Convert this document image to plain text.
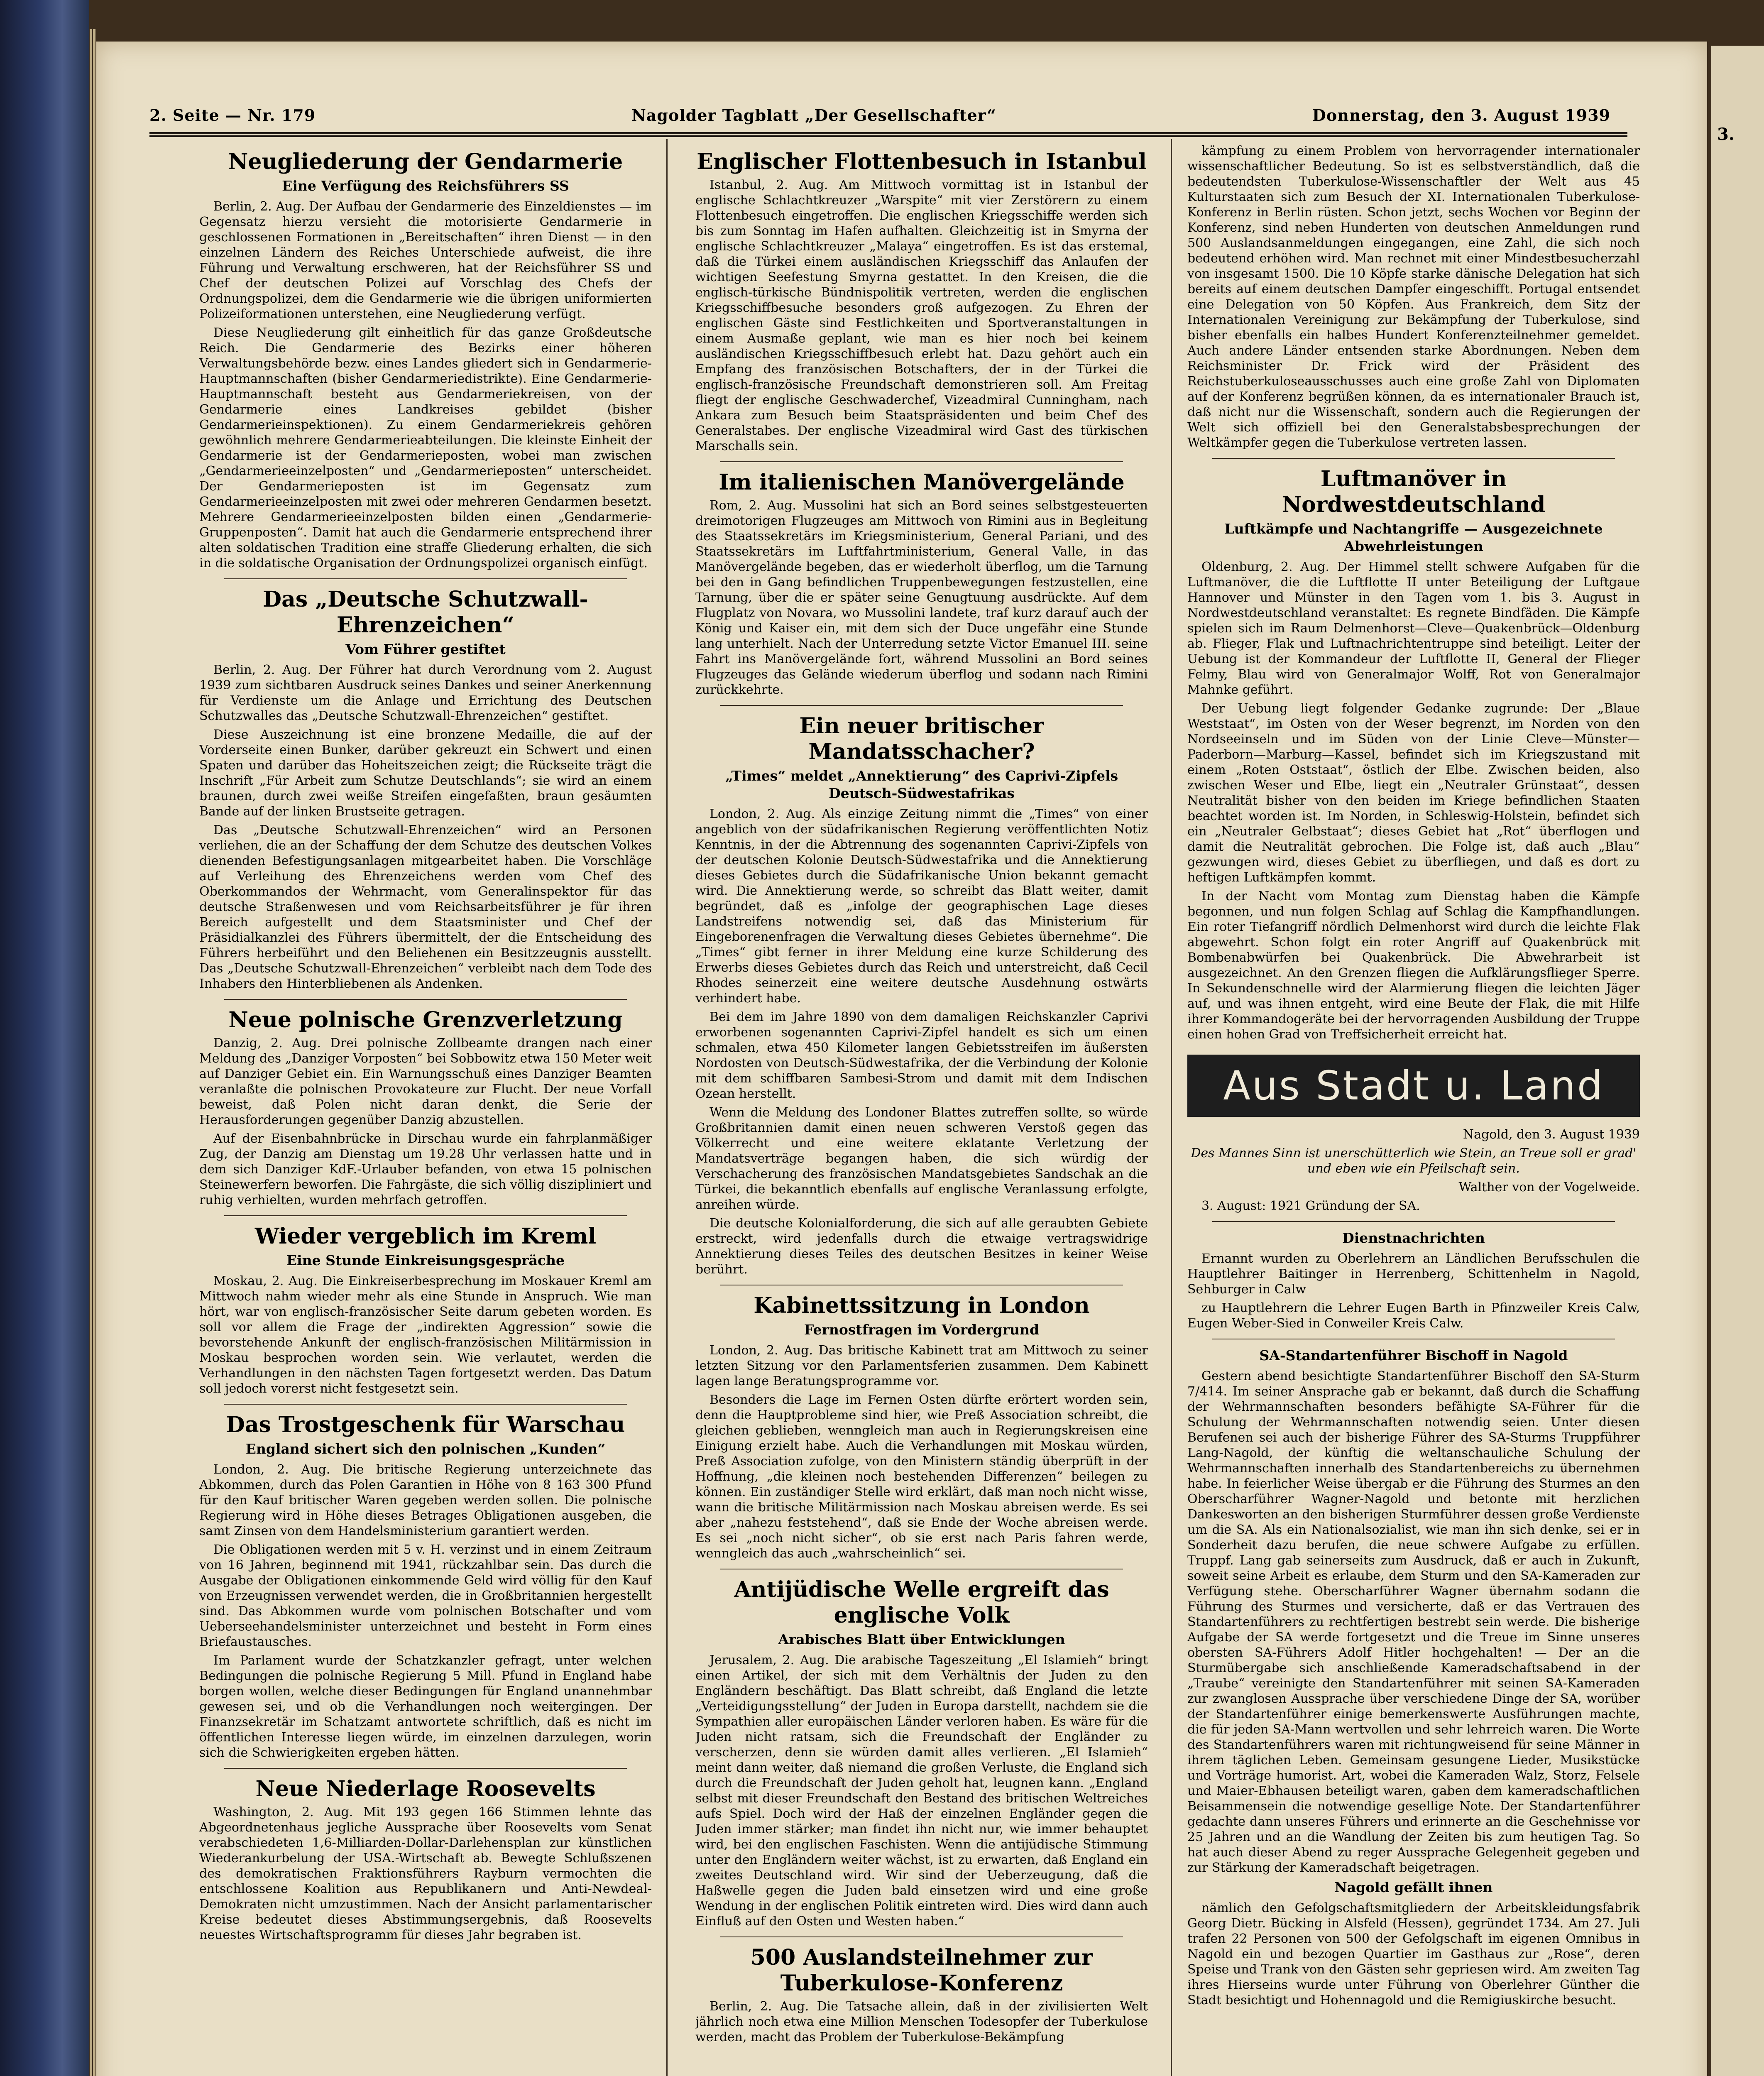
3.
2. Seite — Nr. 179	Nagolder Tagblatt „Der Gesellschafter“	Donnerstag, den 3. August 1939
Neugliederung der Gendarmerie
Eine Verfügung des Reichsführers SS

Berlin, 2. Aug. Der Aufbau der Gendarmerie des Einzeldienstes — im Gegensatz hierzu versieht die motorisierte Gendarmerie in geschlossenen Formationen in „Bereitschaften“ ihren Dienst — in den einzelnen Ländern des Reiches Unterschiede aufweist, die ihre Führung und Verwaltung erschweren, hat der Reichsführer SS und Chef der deutschen Polizei auf Vorschlag des Chefs der Ordnungspolizei, dem die Gendarmerie wie die übrigen uniformierten Polizeiformationen unterstehen, eine Neugliederung verfügt.

Diese Neugliederung gilt einheitlich für das ganze Großdeutsche Reich. Die Gendarmerie des Bezirks einer höheren Verwaltungsbehörde bezw. eines Landes gliedert sich in Gendarmerie-Hauptmannschaften (bisher Gendarmeriedistrikte). Eine Gendarmerie-Hauptmannschaft besteht aus Gendarmeriekreisen, von der Gendarmerie eines Landkreises gebildet (bisher Gendarmerieinspektionen). Zu einem Gendarmeriekreis gehören gewöhnlich mehrere Gendarmerieabteilungen. Die kleinste Einheit der Gendarmerie ist der Gendarmerieposten, wobei man zwischen „Gendarmerieeinzelposten“ und „Gendarmerieposten“ unterscheidet. Der Gendarmerieposten ist im Gegensatz zum Gendarmerieeinzelposten mit zwei oder mehreren Gendarmen besetzt. Mehrere Gendarmerieeinzelposten bilden einen „Gendarmerie-Gruppenposten“. Damit hat auch die Gendarmerie entsprechend ihrer alten soldatischen Tradition eine straffe Gliederung erhalten, die sich in die soldatische Organisation der Ordnungspolizei organisch einfügt.

Das „Deutsche Schutzwall-Ehrenzeichen“
Vom Führer gestiftet

Berlin, 2. Aug. Der Führer hat durch Verordnung vom 2. August 1939 zum sichtbaren Ausdruck seines Dankes und seiner Anerkennung für Verdienste um die Anlage und Errichtung des Deutschen Schutzwalles das „Deutsche Schutzwall-Ehrenzeichen“ gestiftet.

Diese Auszeichnung ist eine bronzene Medaille, die auf der Vorderseite einen Bunker, darüber gekreuzt ein Schwert und einen Spaten und darüber das Hoheitszeichen zeigt; die Rückseite trägt die Inschrift „Für Arbeit zum Schutze Deutschlands“; sie wird an einem braunen, durch zwei weiße Streifen eingefaßten, braun gesäumten Bande auf der linken Brustseite getragen.

Das „Deutsche Schutzwall-Ehrenzeichen“ wird an Personen verliehen, die an der Schaffung der dem Schutze des deutschen Volkes dienenden Befestigungsanlagen mitgearbeitet haben. Die Vorschläge auf Verleihung des Ehrenzeichens werden vom Chef des Oberkommandos der Wehrmacht, vom Generalinspektor für das deutsche Straßenwesen und vom Reichsarbeitsführer je für ihren Bereich aufgestellt und dem Staatsminister und Chef der Präsidialkanzlei des Führers übermittelt, der die Entscheidung des Führers herbeiführt und den Beliehenen ein Besitzzeugnis ausstellt. Das „Deutsche Schutzwall-Ehrenzeichen“ verbleibt nach dem Tode des Inhabers den Hinterbliebenen als Andenken.

Neue polnische Grenzverletzung

Danzig, 2. Aug. Drei polnische Zollbeamte drangen nach einer Meldung des „Danziger Vorposten“ bei Sobbowitz etwa 150 Meter weit auf Danziger Gebiet ein. Ein Warnungsschuß eines Danziger Beamten veranlaßte die polnischen Provokateure zur Flucht. Der neue Vorfall beweist, daß Polen nicht daran denkt, die Serie der Herausforderungen gegenüber Danzig abzustellen.

Auf der Eisenbahnbrücke in Dirschau wurde ein fahrplanmäßiger Zug, der Danzig am Dienstag um 19.28 Uhr verlassen hatte und in dem sich Danziger KdF.-Urlauber befanden, von etwa 15 polnischen Steinewerfern beworfen. Die Fahrgäste, die sich völlig diszipliniert und ruhig verhielten, wurden mehrfach getroffen.

Wieder vergeblich im Kreml
Eine Stunde Einkreisungsgespräche

Moskau, 2. Aug. Die Einkreiserbesprechung im Moskauer Kreml am Mittwoch nahm wieder mehr als eine Stunde in Anspruch. Wie man hört, war von englisch-französischer Seite darum gebeten worden. Es soll vor allem die Frage der „indirekten Aggression“ sowie die bevorstehende Ankunft der englisch-französischen Militärmission in Moskau besprochen worden sein. Wie verlautet, werden die Verhandlungen in den nächsten Tagen fortgesetzt werden. Das Datum soll jedoch vorerst nicht festgesetzt sein.

Das Trostgeschenk für Warschau
England sichert sich den polnischen „Kunden“

London, 2. Aug. Die britische Regierung unterzeichnete das Abkommen, durch das Polen Garantien in Höhe von 8 163 300 Pfund für den Kauf britischer Waren gegeben werden sollen. Die polnische Regierung wird in Höhe dieses Betrages Obligationen ausgeben, die samt Zinsen von dem Handelsministerium garantiert werden.

Die Obligationen werden mit 5 v. H. verzinst und in einem Zeitraum von 16 Jahren, beginnend mit 1941, rückzahlbar sein. Das durch die Ausgabe der Obligationen einkommende Geld wird völlig für den Kauf von Erzeugnissen verwendet werden, die in Großbritannien hergestellt sind. Das Abkommen wurde vom polnischen Botschafter und vom Ueberseehandelsminister unterzeichnet und besteht in Form eines Briefaustausches.

Im Parlament wurde der Schatzkanzler gefragt, unter welchen Bedingungen die polnische Regierung 5 Mill. Pfund in England habe borgen wollen, welche dieser Bedingungen für England unannehmbar gewesen sei, und ob die Verhandlungen noch weitergingen. Der Finanzsekretär im Schatzamt antwortete schriftlich, daß es nicht im öffentlichen Interesse liegen würde, im einzelnen darzulegen, worin sich die Schwierigkeiten ergeben hätten.

Neue Niederlage Roosevelts

Washington, 2. Aug. Mit 193 gegen 166 Stimmen lehnte das Abgeordnetenhaus jegliche Aussprache über Roosevelts vom Senat verabschiedeten 1,6-Milliarden-Dollar-Darlehensplan zur künstlichen Wiederankurbelung der USA.-Wirtschaft ab. Bewegte Schlußszenen des demokratischen Fraktionsführers Rayburn vermochten die entschlossene Koalition aus Republikanern und Anti-Newdeal-Demokraten nicht umzustimmen. Nach der Ansicht parlamentarischer Kreise bedeutet dieses Abstimmungsergebnis, daß Roosevelts neuestes Wirtschaftsprogramm für dieses Jahr begraben ist.

Englischer Flottenbesuch in Istanbul

Istanbul, 2. Aug. Am Mittwoch vormittag ist in Istanbul der englische Schlachtkreuzer „Warspite“ mit vier Zerstörern zu einem Flottenbesuch eingetroffen. Die englischen Kriegsschiffe werden sich bis zum Sonntag im Hafen aufhalten. Gleichzeitig ist in Smyrna der englische Schlachtkreuzer „Malaya“ eingetroffen. Es ist das erstemal, daß die Türkei einem ausländischen Kriegsschiff das Anlaufen der wichtigen Seefestung Smyrna gestattet. In den Kreisen, die die englisch-türkische Bündnispolitik vertreten, werden die englischen Kriegsschiffbesuche besonders groß aufgezogen. Zu Ehren der englischen Gäste sind Festlichkeiten und Sportveranstaltungen in einem Ausmaße geplant, wie man es hier noch bei keinem ausländischen Kriegsschiffbesuch erlebt hat. Dazu gehört auch ein Empfang des französischen Botschafters, der in der Türkei die englisch-französische Freundschaft demonstrieren soll. Am Freitag fliegt der englische Geschwaderchef, Vizeadmiral Cunningham, nach Ankara zum Besuch beim Staatspräsidenten und beim Chef des Generalstabes. Der englische Vizeadmiral wird Gast des türkischen Marschalls sein.

Im italienischen Manövergelände

Rom, 2. Aug. Mussolini hat sich an Bord seines selbstgesteuerten dreimotorigen Flugzeuges am Mittwoch von Rimini aus in Begleitung des Staatssekretärs im Kriegsministerium, General Pariani, und des Staatssekretärs im Luftfahrtministerium, General Valle, in das Manövergelände begeben, das er wiederholt überflog, um die Tarnung bei den in Gang befindlichen Truppenbewegungen festzustellen, eine Tarnung, über die er später seine Genugtuung ausdrückte. Auf dem Flugplatz von Novara, wo Mussolini landete, traf kurz darauf auch der König und Kaiser ein, mit dem sich der Duce ungefähr eine Stunde lang unterhielt. Nach der Unterredung setzte Victor Emanuel III. seine Fahrt ins Manövergelände fort, während Mussolini an Bord seines Flugzeuges das Gelände wiederum überflog und sodann nach Rimini zurückkehrte.

Ein neuer britischer Mandatsschacher?
„Times“ meldet „Annektierung“ des Caprivi-Zipfels Deutsch-Südwestafrikas

London, 2. Aug. Als einzige Zeitung nimmt die „Times“ von einer angeblich von der südafrikanischen Regierung veröffentlichten Notiz Kenntnis, in der die Abtrennung des sogenannten Caprivi-Zipfels von der deutschen Kolonie Deutsch-Südwestafrika und die Annektierung dieses Gebietes durch die Südafrikanische Union bekannt gemacht wird. Die Annektierung werde, so schreibt das Blatt weiter, damit begründet, daß es „infolge der geographischen Lage dieses Landstreifens notwendig sei, daß das Ministerium für Eingeborenenfragen die Verwaltung dieses Gebietes übernehme“. Die „Times“ gibt ferner in ihrer Meldung eine kurze Schilderung des Erwerbs dieses Gebietes durch das Reich und unterstreicht, daß Cecil Rhodes seinerzeit eine weitere deutsche Ausdehnung ostwärts verhindert habe.

Bei dem im Jahre 1890 von dem damaligen Reichskanzler Caprivi erworbenen sogenannten Caprivi-Zipfel handelt es sich um einen schmalen, etwa 450 Kilometer langen Gebietsstreifen im äußersten Nordosten von Deutsch-Südwestafrika, der die Verbindung der Kolonie mit dem schiffbaren Sambesi-Strom und damit mit dem Indischen Ozean herstellt.

Wenn die Meldung des Londoner Blattes zutreffen sollte, so würde Großbritannien damit einen neuen schweren Verstoß gegen das Völkerrecht und eine weitere eklatante Verletzung der Mandatsverträge begangen haben, die sich würdig der Verschacherung des französischen Mandatsgebietes Sandschak an die Türkei, die bekanntlich ebenfalls auf englische Veranlassung erfolgte, anreihen würde.

Die deutsche Kolonialforderung, die sich auf alle geraubten Gebiete erstreckt, wird jedenfalls durch die etwaige vertragswidrige Annektierung dieses Teiles des deutschen Besitzes in keiner Weise berührt.

Kabinettssitzung in London
Fernostfragen im Vordergrund

London, 2. Aug. Das britische Kabinett trat am Mittwoch zu seiner letzten Sitzung vor den Parlamentsferien zusammen. Dem Kabinett lagen lange Beratungsprogramme vor.

Besonders die Lage im Fernen Osten dürfte erörtert worden sein, denn die Hauptprobleme sind hier, wie Preß Association schreibt, die gleichen geblieben, wenngleich man auch in Regierungskreisen eine Einigung erzielt habe. Auch die Verhandlungen mit Moskau würden, Preß Association zufolge, von den Ministern ständig überprüft in der Hoffnung, „die kleinen noch bestehenden Differenzen“ beilegen zu können. Ein zuständiger Stelle wird erklärt, daß man noch nicht wisse, wann die britische Militärmission nach Moskau abreisen werde. Es sei aber „nahezu feststehend“, daß sie Ende der Woche abreisen werde. Es sei „noch nicht sicher“, ob sie erst nach Paris fahren werde, wenngleich das auch „wahrscheinlich“ sei.

Antijüdische Welle ergreift das englische Volk
Arabisches Blatt über Entwicklungen

Jerusalem, 2. Aug. Die arabische Tageszeitung „El Islamieh“ bringt einen Artikel, der sich mit dem Verhältnis der Juden zu den Engländern beschäftigt. Das Blatt schreibt, daß England die letzte „Verteidigungsstellung“ der Juden in Europa darstellt, nachdem sie die Sympathien aller europäischen Länder verloren haben. Es wäre für die Juden nicht ratsam, sich die Freundschaft der Engländer zu verscherzen, denn sie würden damit alles verlieren. „El Islamieh“ meint dann weiter, daß niemand die großen Verluste, die England sich durch die Freundschaft der Juden geholt hat, leugnen kann. „England selbst mit dieser Freundschaft den Bestand des britischen Weltreiches aufs Spiel. Doch wird der Haß der einzelnen Engländer gegen die Juden immer stärker; man findet ihn nicht nur, wie immer behauptet wird, bei den englischen Faschisten. Wenn die antijüdische Stimmung unter den Engländern weiter wächst, ist zu erwarten, daß England ein zweites Deutschland wird. Wir sind der Ueberzeugung, daß die Haßwelle gegen die Juden bald einsetzen wird und eine große Wendung in der englischen Politik eintreten wird. Dies wird dann auch Einfluß auf den Osten und Westen haben.“

500 Auslandsteilnehmer zur Tuberkulose-Konferenz

Berlin, 2. Aug. Die Tatsache allein, daß in der zivilisierten Welt jährlich noch etwa eine Million Menschen Todesopfer der Tuberkulose werden, macht das Problem der Tuberkulose-Bekämpfung

kämpfung zu einem Problem von hervorragender internationaler wissenschaftlicher Bedeutung. So ist es selbstverständlich, daß die bedeutendsten Tuberkulose-Wissenschaftler der Welt aus 45 Kulturstaaten sich zum Besuch der XI. Internationalen Tuberkulose-Konferenz in Berlin rüsten. Schon jetzt, sechs Wochen vor Beginn der Konferenz, sind neben Hunderten von deutschen Anmeldungen rund 500 Auslandsanmeldungen eingegangen, eine Zahl, die sich noch bedeutend erhöhen wird. Man rechnet mit einer Mindestbesucherzahl von insgesamt 1500. Die 10 Köpfe starke dänische Delegation hat sich bereits auf einem deutschen Dampfer eingeschifft. Portugal entsendet eine Delegation von 50 Köpfen. Aus Frankreich, dem Sitz der Internationalen Vereinigung zur Bekämpfung der Tuberkulose, sind bisher ebenfalls ein halbes Hundert Konferenzteilnehmer gemeldet. Auch andere Länder entsenden starke Abordnungen. Neben dem Reichsminister Dr. Frick wird der Präsident des Reichstuberkuloseausschusses auch eine große Zahl von Diplomaten auf der Konferenz begrüßen können, da es internationaler Brauch ist, daß nicht nur die Wissenschaft, sondern auch die Regierungen der Welt sich offiziell bei den Generalstabsbesprechungen der Weltkämpfer gegen die Tuberkulose vertreten lassen.

Luftmanöver in Nordwestdeutschland
Luftkämpfe und Nachtangriffe — Ausgezeichnete Abwehrleistungen

Oldenburg, 2. Aug. Der Himmel stellt schwere Aufgaben für die Luftmanöver, die die Luftflotte II unter Beteiligung der Luftgaue Hannover und Münster in den Tagen vom 1. bis 3. August in Nordwestdeutschland veranstaltet: Es regnete Bindfäden. Die Kämpfe spielen sich im Raum Delmenhorst—Cleve—Quakenbrück—Oldenburg ab. Flieger, Flak und Luftnachrichtentruppe sind beteiligt. Leiter der Uebung ist der Kommandeur der Luftflotte II, General der Flieger Felmy, Blau wird von Generalmajor Wolff, Rot von Generalmajor Mahnke geführt.

Der Uebung liegt folgender Gedanke zugrunde: Der „Blaue Weststaat“, im Osten von der Weser begrenzt, im Norden von den Nordseeinseln und im Süden von der Linie Cleve—Münster—Paderborn—Marburg—Kassel, befindet sich im Kriegszustand mit einem „Roten Oststaat“, östlich der Elbe. Zwischen beiden, also zwischen Weser und Elbe, liegt ein „Neutraler Grünstaat“, dessen Neutralität bisher von den beiden im Kriege befindlichen Staaten beachtet worden ist. Im Norden, in Schleswig-Holstein, befindet sich ein „Neutraler Gelbstaat“; dieses Gebiet hat „Rot“ überflogen und damit die Neutralität gebrochen. Die Folge ist, daß auch „Blau“ gezwungen wird, dieses Gebiet zu überfliegen, und daß es dort zu heftigen Luftkämpfen kommt.

In der Nacht vom Montag zum Dienstag haben die Kämpfe begonnen, und nun folgen Schlag auf Schlag die Kampfhandlungen. Ein roter Tiefangriff nördlich Delmenhorst wird durch die leichte Flak abgewehrt. Schon folgt ein roter Angriff auf Quakenbrück mit Bombenabwürfen bei Quakenbrück. Die Abwehrarbeit ist ausgezeichnet. An den Grenzen fliegen die Aufklärungsflieger Sperre. In Sekundenschnelle wird der Alarmierung fliegen die leichten Jäger auf, und was ihnen entgeht, wird eine Beute der Flak, die mit Hilfe ihrer Kommandogeräte bei der hervorragenden Ausbildung der Truppe einen hohen Grad von Treffsicherheit erreicht hat.

Aus Stadt u. Land

Nagold, den 3. August 1939

Des Mannes Sinn ist unerschütterlich wie Stein, an Treue soll er grad' und eben wie ein Pfeilschaft sein.

Walther von der Vogelweide.

3. August: 1921 Gründung der SA.

Dienstnachrichten

Ernannt wurden zu Oberlehrern an Ländlichen Berufsschulen die Hauptlehrer Baitinger in Herrenberg, Schittenhelm in Nagold, Sehburger in Calw

zu Hauptlehrern die Lehrer Eugen Barth in Pfinzweiler Kreis Calw, Eugen Weber-Sied in Conweiler Kreis Calw.

SA-Standartenführer Bischoff in Nagold

Gestern abend besichtigte Standartenführer Bischoff den SA-Sturm 7/414. Im seiner Ansprache gab er bekannt, daß durch die Schaffung der Wehrmannschaften besonders befähigte SA-Führer für die Schulung der Wehrmannschaften notwendig seien. Unter diesen Berufenen sei auch der bisherige Führer des SA-Sturms Truppführer Lang-Nagold, der künftig die weltanschauliche Schulung der Wehrmannschaften innerhalb des Standartenbereichs zu übernehmen habe. In feierlicher Weise übergab er die Führung des Sturmes an den Oberscharführer Wagner-Nagold und betonte mit herzlichen Dankesworten an den bisherigen Sturmführer dessen große Verdienste um die SA. Als ein Nationalsozialist, wie man ihn sich denke, sei er in Sonderheit dazu berufen, die neue schwere Aufgabe zu erfüllen. Truppf. Lang gab seinerseits zum Ausdruck, daß er auch in Zukunft, soweit seine Arbeit es erlaube, dem Sturm und den SA-Kameraden zur Verfügung stehe. Oberscharführer Wagner übernahm sodann die Führung des Sturmes und versicherte, daß er das Vertrauen des Standartenführers zu rechtfertigen bestrebt sein werde. Die bisherige Aufgabe der SA werde fortgesetzt und die Treue im Sinne unseres obersten SA-Führers Adolf Hitler hochgehalten! — Der an die Sturmübergabe sich anschließende Kameradschaftsabend in der „Traube“ vereinigte den Standartenführer mit seinen SA-Kameraden zur zwanglosen Aussprache über verschiedene Dinge der SA, worüber der Standartenführer einige bemerkenswerte Ausführungen machte, die für jeden SA-Mann wertvollen und sehr lehrreich waren. Die Worte des Standartenführers waren mit richtungweisend für seine Männer in ihrem täglichen Leben. Gemeinsam gesungene Lieder, Musikstücke und Vorträge humorist. Art, wobei die Kameraden Walz, Storz, Felsele und Maier-Ebhausen beteiligt waren, gaben dem kameradschaftlichen Beisammensein die notwendige gesellige Note. Der Standartenführer gedachte dann unseres Führers und erinnerte an die Geschehnisse vor 25 Jahren und an die Wandlung der Zeiten bis zum heutigen Tag. So hat auch dieser Abend zu reger Aussprache Gelegenheit gegeben und zur Stärkung der Kameradschaft beigetragen.

Nagold gefällt ihnen

nämlich den Gefolgschaftsmitgliedern der Arbeitskleidungsfabrik Georg Dietr. Bücking in Alsfeld (Hessen), gegründet 1734. Am 27. Juli trafen 22 Personen von 500 der Gefolgschaft im eigenen Omnibus in Nagold ein und bezogen Quartier im Gasthaus zur „Rose“, deren Speise und Trank von den Gästen sehr gepriesen wird. Am zweiten Tag ihres Hierseins wurde unter Führung von Oberlehrer Günther die Stadt besichtigt und Hohennagold und die Remigiuskirche besucht.
